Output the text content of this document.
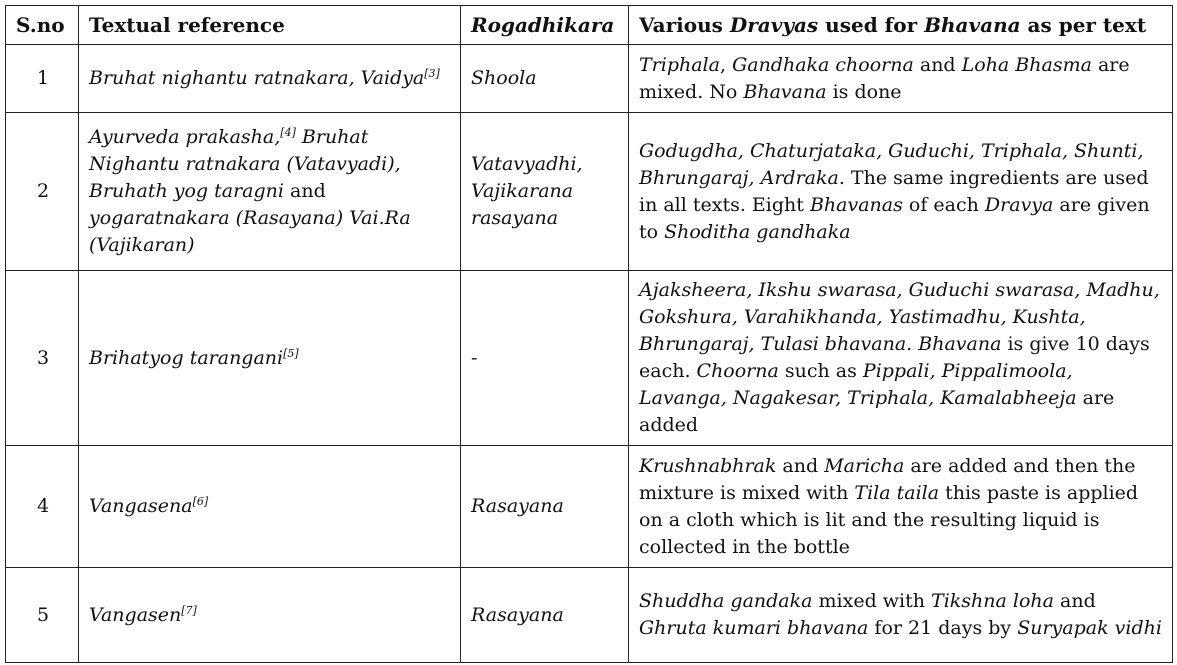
S.no	Textual reference	Rogadhikara	Various Dravyas used for Bhavana as per text
1	Bruhat nighantu ratnakara, Vaidya[3]	Shoola	Triphala, Gandhaka choorna and Loha Bhasma are mixed. No Bhavana is done
2	Ayurveda prakasha,[4] Bruhat Nighantu ratnakara (Vatavyadi), Bruhath yog taragni and yogaratnakara (Rasayana) Vai.Ra (Vajikaran)	Vatavyadhi, Vajikarana rasayana	Godugdha, Chaturjataka, Guduchi, Triphala, Shunti, Bhrungaraj, Ardraka. The same ingredients are used in all texts. Eight Bhavanas of each Dravya are given to Shoditha gandhaka
3	Brihatyog tarangani[5]	-	Ajaksheera, Ikshu swarasa, Guduchi swarasa, Madhu, Gokshura, Varahikhanda, Yastimadhu, Kushta, Bhrungaraj, Tulasi bhavana. Bhavana is give 10 days each. Choorna such as Pippali, Pippalimoola, Lavanga, Nagakesar, Triphala, Kamalabheeja are added
4	Vangasena[6]	Rasayana	Krushnabhrak and Maricha are added and then the mixture is mixed with Tila taila this paste is applied on a cloth which is lit and the resulting liquid is collected in the bottle
5	Vangasen[7]	Rasayana	Shuddha gandaka mixed with Tikshna loha and Ghruta kumari bhavana for 21 days by Suryapak vidhi
